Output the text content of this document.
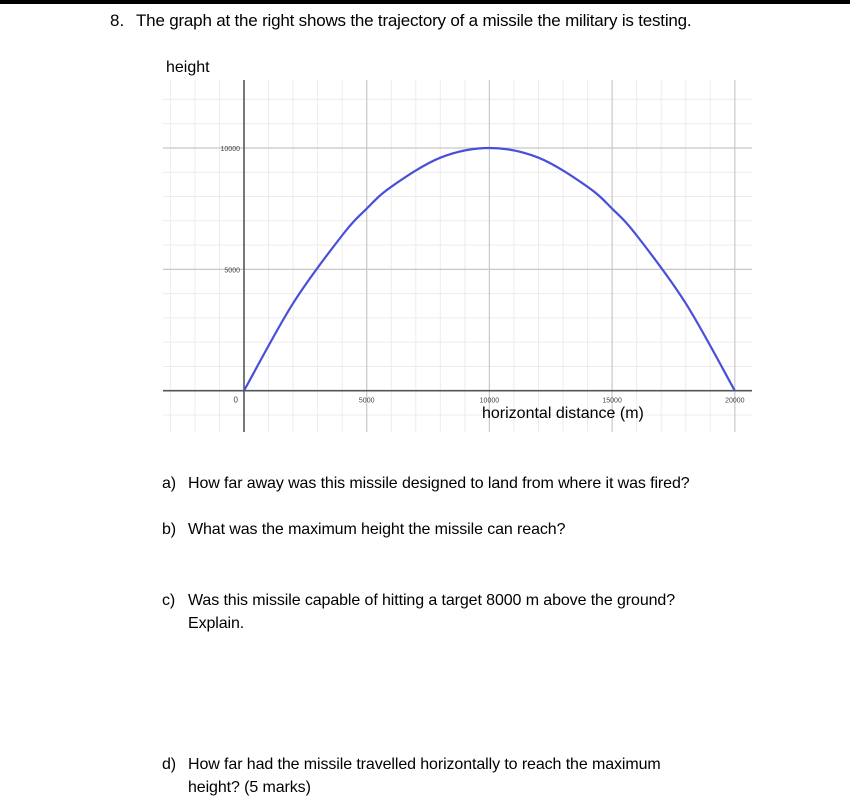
8. The graph at the right shows the trajectory of a missile the military is testing.
0	5000	10000	15000	20000
5000
10000
height
horizontal distance (m)
a) How far away was this missile designed to land from where it was fired?
b) What was the maximum height the missile can reach?
c) Was this missile capable of hitting a target 8000 m above the ground?
Explain.
d) How far had the missile travelled horizontally to reach the maximum
height? (5 marks)
